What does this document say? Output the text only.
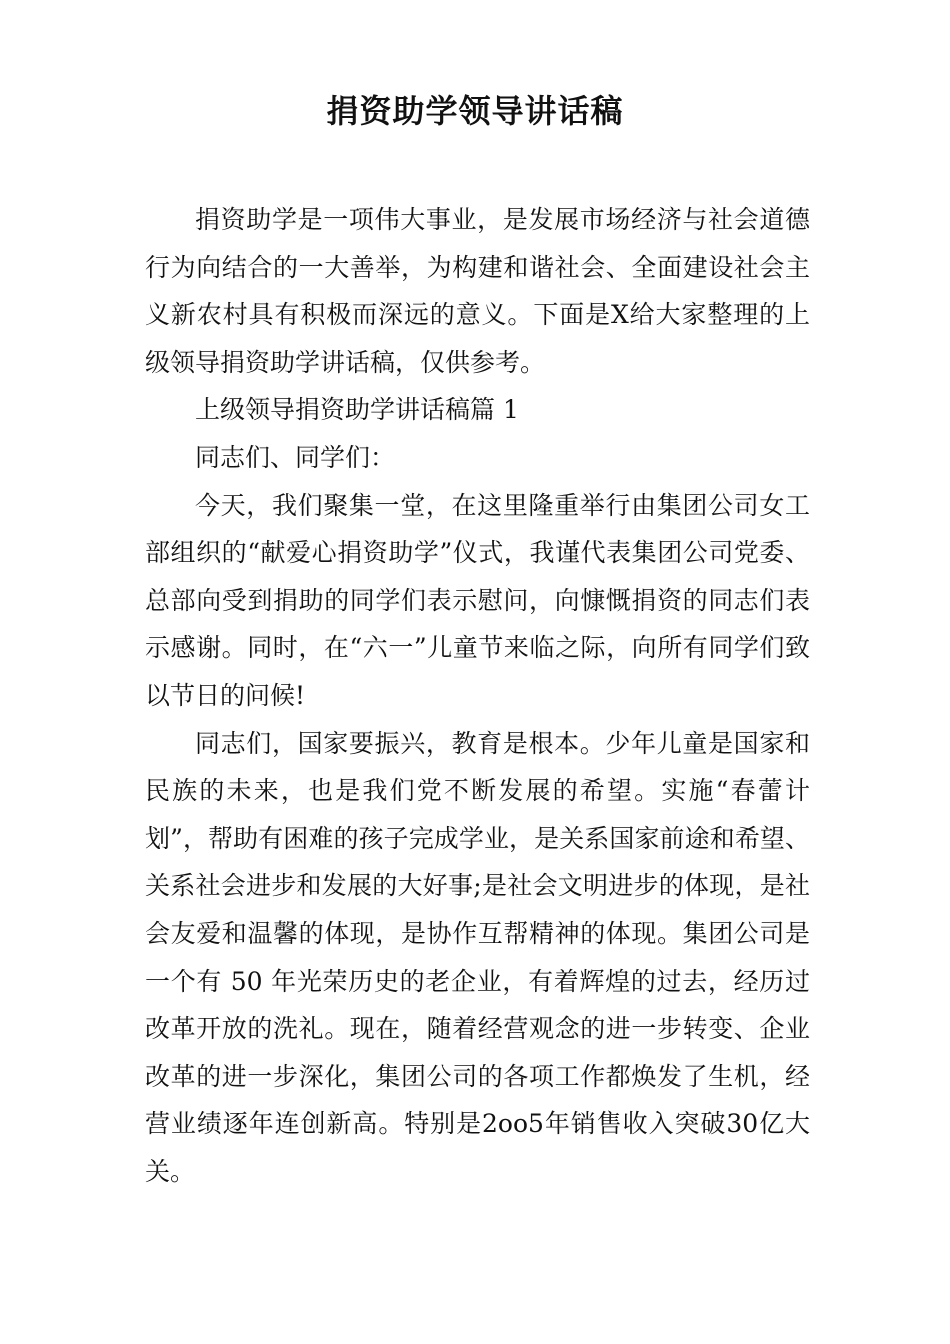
捐资助学领导讲话稿

捐资助学是一项伟大事业，是发展市场经济与社会道德行为向结合的一大善举，为构建和谐社会、全面建设社会主义新农村具有积极而深远的意义。下面是X给大家整理的上级领导捐资助学讲话稿，仅供参考。

上级领导捐资助学讲话稿篇 1

同志们、同学们：

今天，我们聚集一堂，在这里隆重举行由集团公司女工部组织的“献爱心捐资助学”仪式，我谨代表集团公司党委、总部向受到捐助的同学们表示慰问，向慷慨捐资的同志们表示感谢。同时，在“六一”儿童节来临之际，向所有同学们致以节日的问候!

同志们，国家要振兴，教育是根本。少年儿童是国家和民族的未来，也是我们党不断发展的希望。实施“春蕾计划”，帮助有困难的孩子完成学业，是关系国家前途和希望、关系社会进步和发展的大好事;是社会文明进步的体现，是社会友爱和温馨的体现，是协作互帮精神的体现。集团公司是一个有 50 年光荣历史的老企业，有着辉煌的过去，经历过改革开放的洗礼。现在，随着经营观念的进一步转变、企业改革的进一步深化，集团公司的各项工作都焕发了生机，经营业绩逐年连创新高。特别是2oo5年销售收入突破30亿大关。
